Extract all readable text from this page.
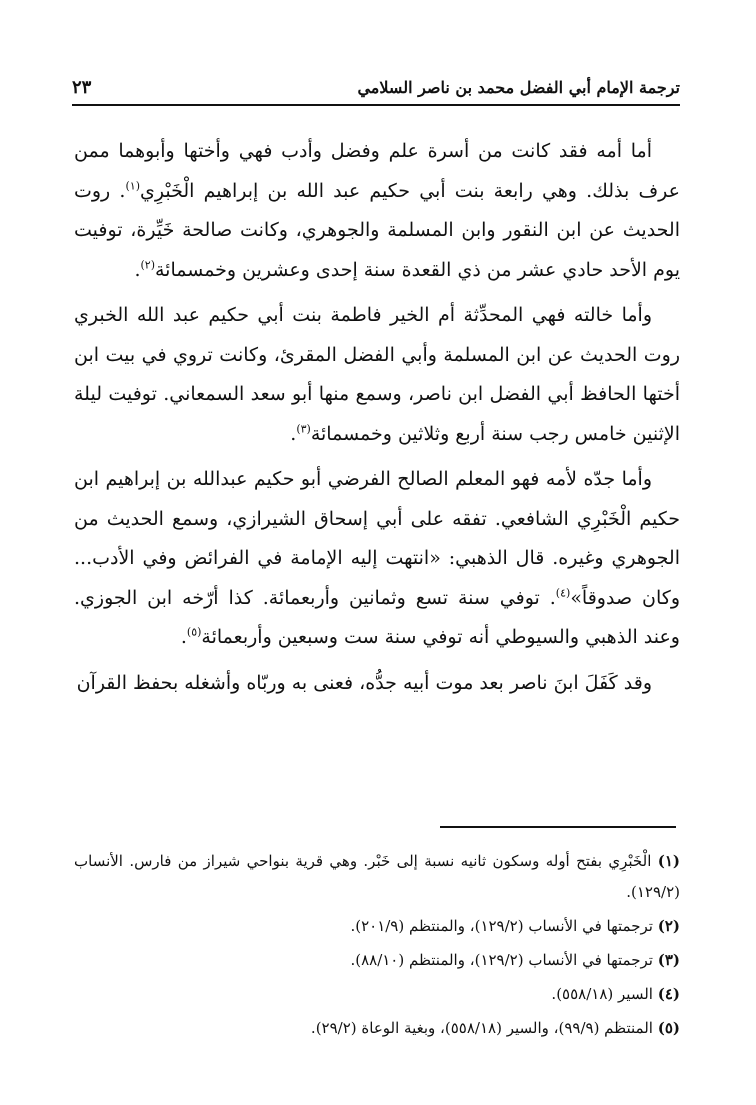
ترجمة الإمام أبي الفضل محمد بن ناصر السلامي
٢٣

أما أمه فقد كانت من أسرة علم وفضل وأدب فهي وأختها وأبوهما ممن عرف بذلك. وهي رابعة بنت أبي حكيم عبد الله بن إبراهيم الْخَبْرِي$^{(١)}$. روت الحديث عن ابن النقور وابن المسلمة والجوهري، وكانت صالحة خَيِّرة، توفيت يوم الأحد حادي عشر من ذي القعدة سنة إحدى وعشرين وخمسمائة$^{(٢)}$.

وأما خالته فهي المحدِّثة أم الخير فاطمة بنت أبي حكيم عبد الله الخبري روت الحديث عن ابن المسلمة وأبي الفضل المقرئ، وكانت تروي في بيت ابن أختها الحافظ أبي الفضل ابن ناصر، وسمع منها أبو سعد السمعاني. توفيت ليلة الإثنين خامس رجب سنة أربع وثلاثين وخمسمائة$^{(٣)}$.

وأما جدّه لأمه فهو المعلم الصالح الفرضي أبو حكيم عبدالله بن إبراهيم ابن حكيم الْخَبْرِي الشافعي. تفقه على أبي إسحاق الشيرازي، وسمع الحديث من الجوهري وغيره. قال الذهبي: «انتهت إليه الإمامة في الفرائض وفي الأدب... وكان صدوقاً»$^{(٤)}$. توفي سنة تسع وثمانين وأربعمائة. كذا أرّخه ابن الجوزي. وعند الذهبي والسيوطي أنه توفي سنة ست وسبعين وأربعمائة$^{(٥)}$.

وقد كَفَلَ ابنَ ناصر بعد موت أبيه جدُّه، فعنى به وربّاه وأشغله بحفظ القرآن

(١) الْخَبْرِي بفتح أوله وسكون ثانيه نسبة إلى خَبْر. وهي قرية بنواحي شيراز من فارس. الأنساب (١٢٩/٢).

(٢) ترجمتها في الأنساب (١٢٩/٢)، والمنتظم (٢٠١/٩).

(٣) ترجمتها في الأنساب (١٢٩/٢)، والمنتظم (٨٨/١٠).

(٤) السير (٥٥٨/١٨).

(٥) المنتظم (٩٩/٩)، والسير (٥٥٨/١٨)، وبغية الوعاة (٢٩/٢).
